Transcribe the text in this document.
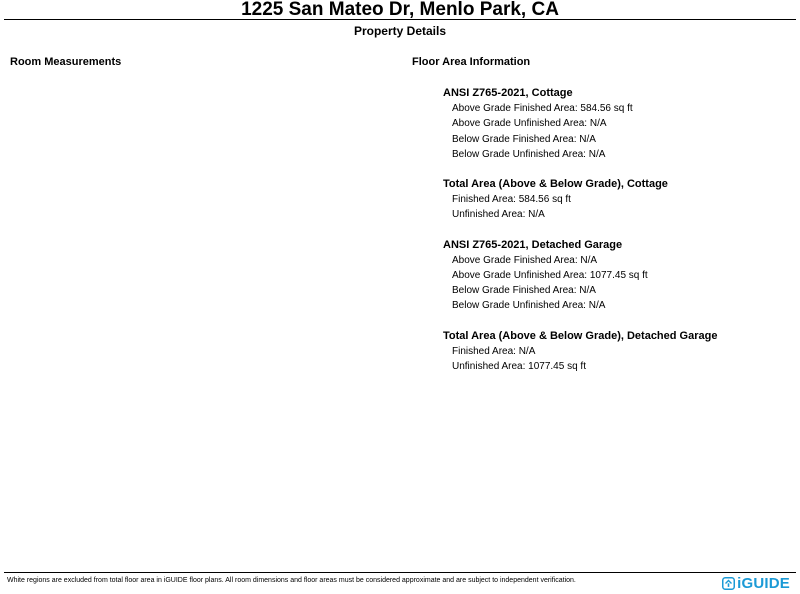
1225 San Mateo Dr, Menlo Park, CA
Property Details
Room Measurements	Floor Area Information
ANSI Z765-2021, Cottage
Above Grade Finished Area: 584.56 sq ft
Above Grade Unfinished Area: N/A
Below Grade Finished Area: N/A
Below Grade Unfinished Area: N/A
Total Area (Above & Below Grade), Cottage
Finished Area: 584.56 sq ft
Unfinished Area: N/A
ANSI Z765-2021, Detached Garage
Above Grade Finished Area: N/A
Above Grade Unfinished Area: 1077.45 sq ft
Below Grade Finished Area: N/A
Below Grade Unfinished Area: N/A
Total Area (Above & Below Grade), Detached Garage
Finished Area: N/A
Unfinished Area: 1077.45 sq ft
White regions are excluded from total floor area in iGUIDE floor plans. All room dimensions and floor areas must be considered approximate and are subject to independent verification.	iGUIDE
